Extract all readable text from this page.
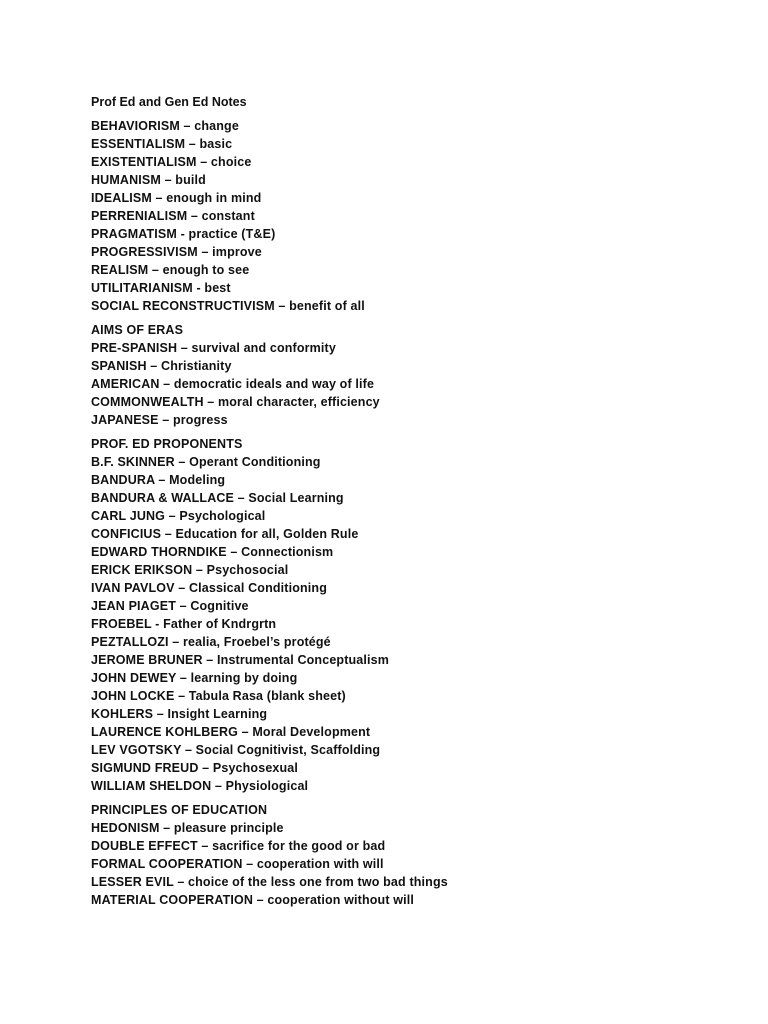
Prof Ed and Gen Ed Notes
BEHAVIORISM – change
ESSENTIALISM – basic
EXISTENTIALISM – choice
HUMANISM – build
IDEALISM – enough in mind
PERRENIALISM – constant
PRAGMATISM - practice (T&E)
PROGRESSIVISM – improve
REALISM – enough to see
UTILITARIANISM - best
SOCIAL RECONSTRUCTIVISM – benefit of all
AIMS OF ERAS
PRE-SPANISH – survival and conformity
SPANISH – Christianity
AMERICAN – democratic ideals and way of life
COMMONWEALTH – moral character, efficiency
JAPANESE – progress
PROF. ED PROPONENTS
B.F. SKINNER – Operant Conditioning
BANDURA – Modeling
BANDURA & WALLACE – Social Learning
CARL JUNG – Psychological
CONFICIUS – Education for all, Golden Rule
EDWARD THORNDIKE – Connectionism
ERICK ERIKSON – Psychosocial
IVAN PAVLOV – Classical Conditioning
JEAN PIAGET – Cognitive
FROEBEL - Father of Kndrgrtn
PEZTALLOZI – realia, Froebel’s protégé
JEROME BRUNER – Instrumental Conceptualism
JOHN DEWEY – learning by doing
JOHN LOCKE – Tabula Rasa (blank sheet)
KOHLERS – Insight Learning
LAURENCE KOHLBERG – Moral Development
LEV VGOTSKY – Social Cognitivist, Scaffolding
SIGMUND FREUD – Psychosexual
WILLIAM SHELDON – Physiological
PRINCIPLES OF EDUCATION
HEDONISM – pleasure principle
DOUBLE EFFECT – sacrifice for the good or bad
FORMAL COOPERATION – cooperation with will
LESSER EVIL – choice of the less one from two bad things
MATERIAL COOPERATION – cooperation without will
